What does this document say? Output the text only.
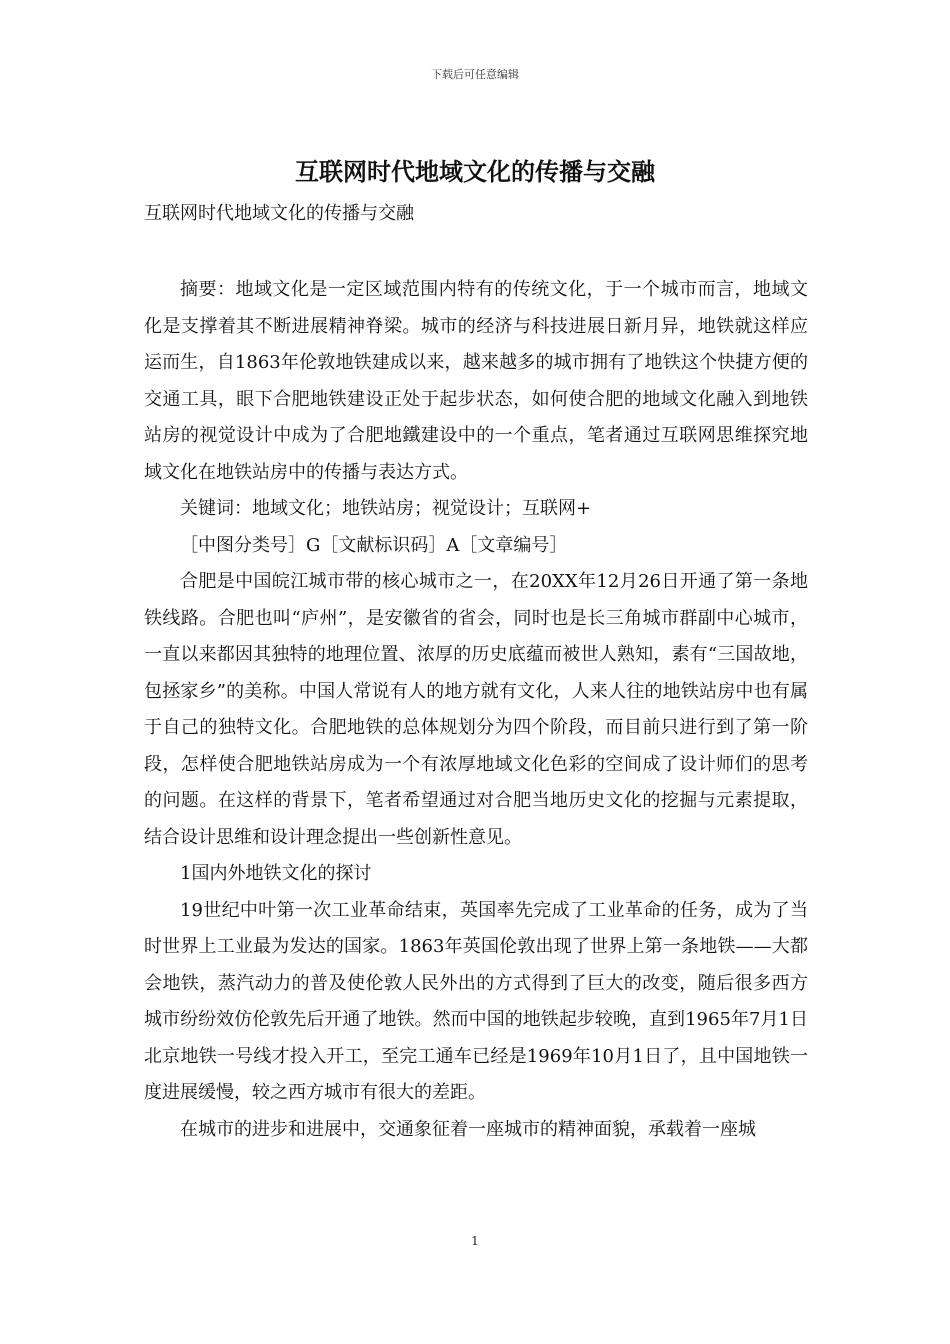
下载后可任意编辑
互联网时代地域文化的传播与交融

互联网时代地域文化的传播与交融

摘要：地域文化是一定区域范围内特有的传统文化，于一个城市而言，地域文化是支撑着其不断进展精神脊梁。城市的经济与科技进展日新月异，地铁就这样应运而生，自1863年伦敦地铁建成以来，越来越多的城市拥有了地铁这个快捷方便的交通工具，眼下合肥地铁建设正处于起步状态，如何使合肥的地域文化融入到地铁站房的视觉设计中成为了合肥地鐵建设中的一个重点，笔者通过互联网思维探究地域文化在地铁站房中的传播与表达方式。

关键词：地域文化；地铁站房；视觉设计；互联网+

［中图分类号］G［文献标识码］A［文章编号］

合肥是中国皖江城市带的核心城市之一，在20XX年12月26日开通了第一条地铁线路。合肥也叫“庐州”，是安徽省的省会，同时也是长三角城市群副中心城市，一直以来都因其独特的地理位置、浓厚的历史底蕴而被世人熟知，素有“三国故地，包拯家乡”的美称。中国人常说有人的地方就有文化，人来人往的地铁站房中也有属于自己的独特文化。合肥地铁的总体规划分为四个阶段，而目前只进行到了第一阶段，怎样使合肥地铁站房成为一个有浓厚地域文化色彩的空间成了设计师们的思考的问题。在这样的背景下，笔者希望通过对合肥当地历史文化的挖掘与元素提取，结合设计思维和设计理念提出一些创新性意见。

1国内外地铁文化的探讨

19世纪中叶第一次工业革命结束，英国率先完成了工业革命的任务，成为了当时世界上工业最为发达的国家。1863年英国伦敦出现了世界上第一条地铁——大都会地铁，蒸汽动力的普及使伦敦人民外出的方式得到了巨大的改变，随后很多西方城市纷纷效仿伦敦先后开通了地铁。然而中国的地铁起步较晚，直到1965年7月1日北京地铁一号线才投入开工，至完工通车已经是1969年10月1日了，且中国地铁一度进展缓慢，较之西方城市有很大的差距。

在城市的进步和进展中，交通象征着一座城市的精神面貌，承载着一座城

1
